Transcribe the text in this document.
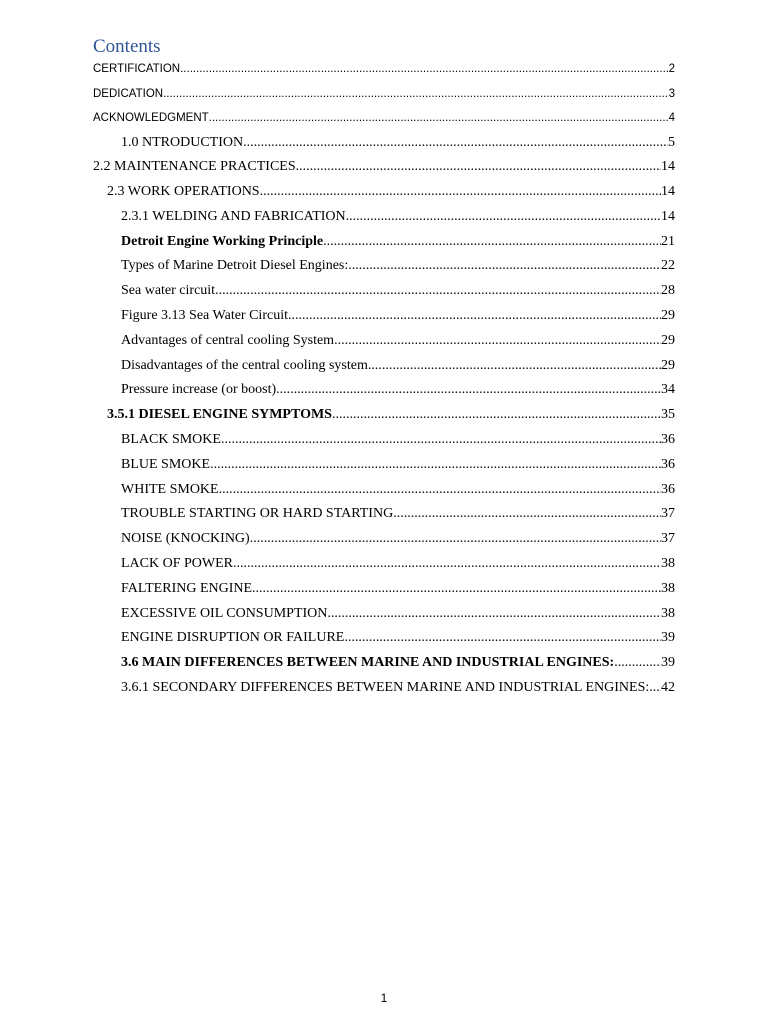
Contents
CERTIFICATION .....	2
DEDICATION .....	3
ACKNOWLEDGMENT .....	4
1.0 NTRODUCTION .....	5
2.2 MAINTENANCE PRACTICES .....	14
2.3 WORK OPERATIONS .....	14
2.3.1 WELDING AND FABRICATION .....	14
Detroit Engine Working Principle .....	21
Types of Marine Detroit Diesel Engines: .....	22
Sea water circuit .....	28
Figure 3.13 Sea Water Circuit .....	29
Advantages of central cooling System .....	29
Disadvantages of the central cooling system .....	29
Pressure increase (or boost) .....	34
3.5.1 DIESEL ENGINE SYMPTOMS .....	35
BLACK SMOKE .....	36
BLUE SMOKE .....	36
WHITE SMOKE .....	36
TROUBLE STARTING OR HARD STARTING .....	37
NOISE (KNOCKING) .....	37
LACK OF POWER .....	38
FALTERING ENGINE .....	38
EXCESSIVE OIL CONSUMPTION .....	38
ENGINE DISRUPTION OR FAILURE .....	39
3.6 MAIN DIFFERENCES BETWEEN MARINE AND INDUSTRIAL ENGINES: .....	39
3.6.1 SECONDARY DIFFERENCES BETWEEN MARINE AND INDUSTRIAL ENGINES: ..... 42
1
